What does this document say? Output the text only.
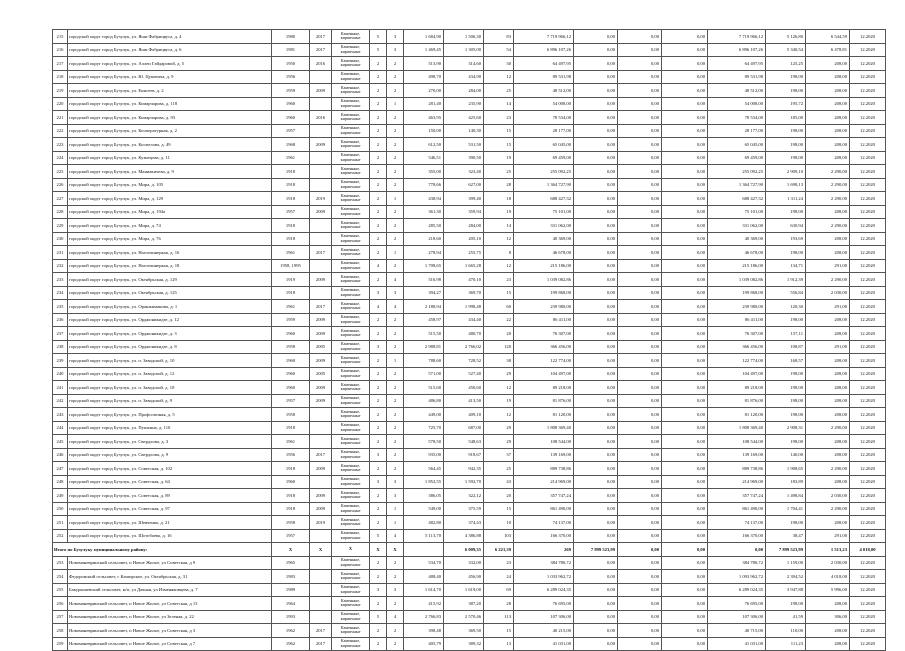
215	городской округ город Бузулук, ул. Яши Фабрицвуса, д. 4	1980	2017	Каменные, кирпичные	5	3	1 684,90	1 506,30	83	7 719 966,12	0,00	0,00	0,00	7 719 966,12	5 126,80	6 544,59	12.2020	
216	городской округ город Бузулук, ул. Яши Фабрицвуса, д. 6	1981	2017	Каменные, кирпичные	5	3	1 469,45	1 305,00	54	6 896 107,26	0,00	0,00	0,00	6 896 107,26	5 340,54	6 478,81	12.2020	
217	городской округ город Бузулук, ул. Аллеи Гайдаровой, д. 5	1950	2016	Каменные, кирпичные	2	2	513,90	314,60	30	64 497,95	0,00	0,00	0,00	64 497,95	125,25	208,00	12.2020	
218	городской округ город Бузулук, ул. Ю. Цуковича, д. 9	1956		Каменные, кирпичные	2	2	498,70	434,90	12	89 531,98	0,00	0,00	0,00	89 531,98	198,00	208,00	12.2020	
219	городской округ город Бузулук, ул. Енисеев, д. 2	1959	2009	Каменные, кирпичные	2	2	270,00	284,00	25	48 512,00	0,00	0,00	0,00	48 512,00	198,00	208,00	12.2020	
220	городской округ город Бузулук, ул. Комарчарова, д. 118	1960		Каменные, кирпичные	2	1	281,40	235,90	14	54 008,00	0,00	0,00	0,00	54 008,00	195,72	208,00	12.2020	
221	городской округ город Бузулук, ул. Комарчарова, д. 93	1960	2016	Каменные, кирпичные	2	2	463,95	425,60	23	78 534,00	0,00	0,00	0,00	78 534,00	185,00	208,00	12.2020	
222	городской округ город Бузулук, ул. Коопературная, д. 2	1957		Каменные, кирпичные	2	2	150,00	140,30	15	28 177,00	0,00	0,00	0,00	28 177,00	198,00	208,00	12.2020	
223	городской округ город Бузулук, ул. Коопелова, д. 49	1968	2009	Каменные, кирпичные	2	2	612,50	531,50	15	65 045,00	0,00	0,00	0,00	65 045,00	198,00	208,00	12.2020	
224	городской округ город Бузулук, ул. Кузнецова, д. 11	1961		Каменные, кирпичные	2	2	546,51	390,50	19	69 459,00	0,00	0,00	0,00	69 459,00	198,00	208,00	12.2020	
225	городской округ город Бузулук, ул. Маниакичева, д. 9	1918		Каменные, кирпичные	2	2	355,00	323,40	25	255 092,25	0,00	0,00	0,00	255 092,25	2 909,10	2 290,00	12.2020	
226	городской округ город Бузулук, ул. Мира, д. 105	1918		Каменные, кирпичные	2	2	778,66	627,00	28	1 364 727,90	0,00	0,00	0,00	1 364 727,90	1 698,13	2 290,00	12.2020	
227	городской округ город Бузулук, ул. Мира, д. 129	1918	2019	Каменные, кирпичные	2	1	438,94	399,40	18	688 427,32	0,00	0,00	0,00	688 427,32	1 311,24	2 290,00	12.2020	
228	городской округ город Бузулук, ул. Мира, д. 194а	1957	2009	Каменные, кирпичные	2	2	361,30	359,94	19	75 101,00	0,00	0,00	0,00	75 101,00	198,00	208,00	12.2020	
229	городской округ город Бузулук, ул. Мира, д. 74	1918		Каменные, кирпичные	2	2	285,50	284,00	14	331 062,00	0,00	0,00	0,00	331 062,00	630,94	2 290,00	12.2020	
230	городской округ город Бузулук, ул. Мира, д. 76	1918		Каменные, кирпичные	2	2	218,60	205,10	12	40 369,00	0,00	0,00	0,00	40 369,00	193,69	208,00	12.2020	
231	городской округ город Бузулук, ул. Нагоочинеркая, д. 16	1961	2017	Каменные, кирпичные	2	1	278,94	255,75	8	46 678,00	0,00	0,00	0,00	46 678,00	198,00	208,00	12.2020	
232	городской округ город Бузулук, ул. Нагоочинеркая, д. 18	1958, 1995		Каменные, кирпичные	4	2	1 708,65	1 665,28	12	215 186,00	0,00	0,00	0,00	215 186,00	134,71	291,00	12.2020	
233	городской округ город Бузулук, ул. Октябрьская, д. 129	1919	2009	Каменные, кирпичные	2	4	516,98	470,10	23	1 039 082,86	0,00	0,00	0,00	1 039 082,86	1 912,39	2 290,00	12.2020	
234	городской округ город Бузулук, ул. Октябрьская, д. 125	1918		Каменные, кирпичные	3	3	394,27	369,70	15	199 868,00	0,00	0,00	0,00	199 868,00	556,84	2 030,00	12.2020	
235	городской округ город Бузулук, ул. Оранжиманова, д. 1	1961	2017	Каменные, кирпичные	4	4	2 188,94	1 998,48	60	239 980,00	0,00	0,00	0,00	239 980,00	120,30	291,00	12.2020	
236	городской округ город Бузулук, ул. Орджоникидзе, д. 12	1959	2009	Каменные, кирпичные	2	2	458,97	434,40	22	86 411,00	0,00	0,00	0,00	86 411,00	198,00	208,00	12.2020	
237	городской округ город Бузулук, ул. Орджоникидзе, д. 3	1960	2009	Каменные, кирпичные	2	2	515,50	480,70	20	76 307,00	0,00	0,00	0,00	76 307,00	157,11	208,00	12.2020	
238	городской округ город Бузулук, ул. Орджоникидзе, д. 8	1958	2005	Каменные, кирпичные	3	2	2 988,81	2 766,02	120	366 456,00	0,00	0,00	0,00	366 456,00	108,87	291,00	12.2020	
239	городской округ город Бузулук, ул. п. Заводской, д. 10	1960	2009	Каменные, кирпичные	2	1	788,60	728,52	38	122 774,00	0,00	0,00	0,00	122 774,00	168,57	208,00	12.2020	
240	городской округ город Бузулук, ул. п. Заводской, д. 12	1960	2005	Каменные, кирпичные	2	2	571,00	527,40	29	104 497,00	0,00	0,00	0,00	104 497,00	198,00	208,00	12.2020	
241	городской округ город Бузулук, ул. п. Заводской, д. 18	1960	2009	Каменные, кирпичные	2	2	515,60	450,60	12	89 218,00	0,00	0,00	0,00	89 218,00	198,00	208,00	12.2020	
242	городской округ город Бузулук, ул. п. Заводской, д. 9	1957	2009	Каменные, кирпичные	2	2	486,80	413,50	19	81 876,00	0,00	0,00	0,00	81 876,00	198,00	208,00	12.2020	
243	городской округ город Бузулук, ул. Профсоюзная, д. 5	1958		Каменные, кирпичные	2	2	449,00	409,10	12	81 120,00	0,00	0,00	0,00	81 120,00	198,00	208,00	12.2020	
244	городской округ город Бузулук, ул. Пушкина, д. 110	1918		Каменные, кирпичные	2	2	725,70	687,00	29	1 808 369,40	0,00	0,00	0,00	1 808 369,40	2 908,31	2 290,00	12.2020	
245	городской округ город Бузулук, ул. Свердлова, д. 3	1961		Каменные, кирпичные	2	2	578,50	548,63	29	108 544,00	0,00	0,00	0,00	108 544,00	198,00	208,00	12.2020	
246	городской округ город Бузулук, ул. Свердлова, д. 9	1956	2017	Каменные, кирпичные	3	2	935,00	918,67	37	139 169,00	0,00	0,00	0,00	139 169,00	140,00	208,00	12.2020	
247	городской округ город Бузулук, ул. Советская, д. 102	1918	2009	Каменные, кирпичные	2	2	564,45	942,35	25	889 738,86	0,00	0,00	0,00	889 738,86	1 908,65	2 290,00	12.2020	
248	городской округ город Бузулук, ул. Советская, д. 64	1960		Каменные, кирпичные	3	3	1 852,55	1 592,70	43	214 969,00	0,00	0,00	0,00	214 969,00	183,89	208,00	12.2020	
249	городской округ город Бузулук, ул. Советская, д. 89	1918	2009	Каменные, кирпичные	2	3	386,05	322,12	20	357 747,24	0,00	0,00	0,00	357 747,24	1 498,84	2 030,00	12.2020	
250	городской округ город Бузулук, ул. Советская, д. 97	1918	2009	Каменные, кирпичные	2	1	549,00	375,59	15	861 490,00	0,00	0,00	0,00	861 490,00	1 704,41	2 290,00	12.2020	
251	городской округ город Бузулук, ул. Шевченко, д. 21	1958	2019	Каменные, кирпичные	2	1	482,80	374,43	10	74 137,00	0,00	0,00	0,00	74 137,00	198,00	208,00	12.2020	
252	городской округ город Бузулук, ул. Шотобаева, д. 16	1957		Каменные, кирпичные	5	4	5 113,70	4 386,88	103	166 370,00	0,00	0,00	0,00	166 370,00	38,47	291,00	12.2020	
Итого по Бузулуку муниципальному району:		X	X	X	X	X		6 009,35	6 221,39	269	7 899 523,99	0,00	0,00	0,00	7 899 523,99	1 513,23	4 018,00	
253	Новоманевринский сельсовет, п Новое Жилое, ул Советская, д 9	1965		Каменные, кирпичные	2	2	534,70	332,00	23	384 786,72	0,00	0,00	0,00	384 786,72	1 159,00	2 030,00	12.2020	
254	Федоровский сельсовет, с Каширское, ул. Октябрьская, д. 31	1983		Каменные, кирпичные	2	2	488,40	456,90	24	1 033 962,72	0,00	0,00	0,00	1 093 962,72	2 394,52	4 018,00	12.2020	
255	Бакурышевский сельсовет, м/п, ул Дачная, ул Изменяковцева, д. 7	1989		Каменные, кирпичные	3	3	1 614,70	1 619,00	69	6 289 024,35	0,00	0,00	0,00	6 289 024,35	3 947,88	5 996,00	12.2020	
256	Новоманевринский сельсовет, п Новое Жилое, ул Советская, д 13	1964		Каменные, кирпичные	2	2	415,92	387,20	28	76 695,00	0,00	0,00	0,00	76 695,00	198,00	208,00	12.2020	
257	Новоманевринский сельсовет, п Новое Жилое, ул Зеленая, д. 22	1993		Каменные, кирпичные	5	4	2 766,83	2 570,46	113	107 306,00	0,00	0,00	0,00	107 306,00	41,59	306,00	12.2020	
258	Новоманевринский сельсовет, п Новое Жилое, ул Советская, д 3	1962	2017	Каменные, кирпичные	2	2	398,48	369,50	15	40 215,00	0,00	0,00	0,00	40 715,00	110,00	208,00	12.2020	
259	Новоманевринский сельсовет, п Новое Жилое, ул Советская, д 7	1962	2017	Каменные, кирпичные	2	2	405,79	389,32	13	41 031,00	0,00	0,00	0,00	41 031,00	111,23	208,00	12.2020	
